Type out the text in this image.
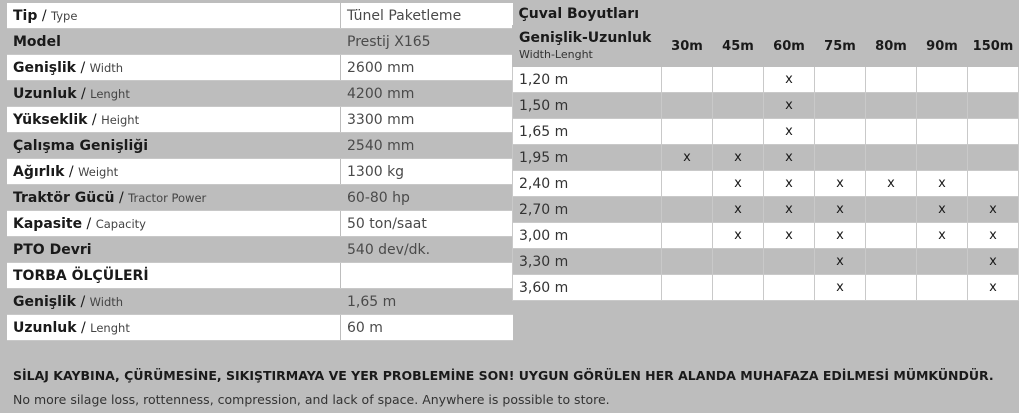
Tip / Type	Tünel Paketleme
Model	Prestij X165
Genişlik / Width	2600 mm
Uzunluk / Lenght	4200 mm
Yükseklik / Height	3300 mm
Çalışma Genişliği	2540 mm
Ağırlık / Weight	1300 kg
Traktör Gücü / Tractor Power	60-80 hp
Kapasite / Capacity	50 ton/saat
PTO Devri	540 dev/dk.
TORBA ÖLÇÜLERİ	
Genişlik / Width	1,65 m
Uzunluk / Lenght	60 m
Çuval Boyutları							
Genişlik-Uzunluk
Width-Lenght	30m	45m	60m	75m	80m	90m	150m
1,20 m			x				
1,50 m			x				
1,65 m			x				
1,95 m	x	x	x				
2,40 m		x	x	x	x	x	
2,70 m		x	x	x		x	x
3,00 m		x	x	x		x	x
3,30 m				x			x
3,60 m				x			x
SİLAJ KAYBINA, ÇÜRÜMESİNE, SIKIŞTIRMAYA VE YER PROBLEMİNE SON! UYGUN GÖRÜLEN HER ALANDA MUHAFAZA EDİLMESİ MÜMKÜNDÜR.
No more silage loss, rottenness, compression, and lack of space. Anywhere is possible to store.
